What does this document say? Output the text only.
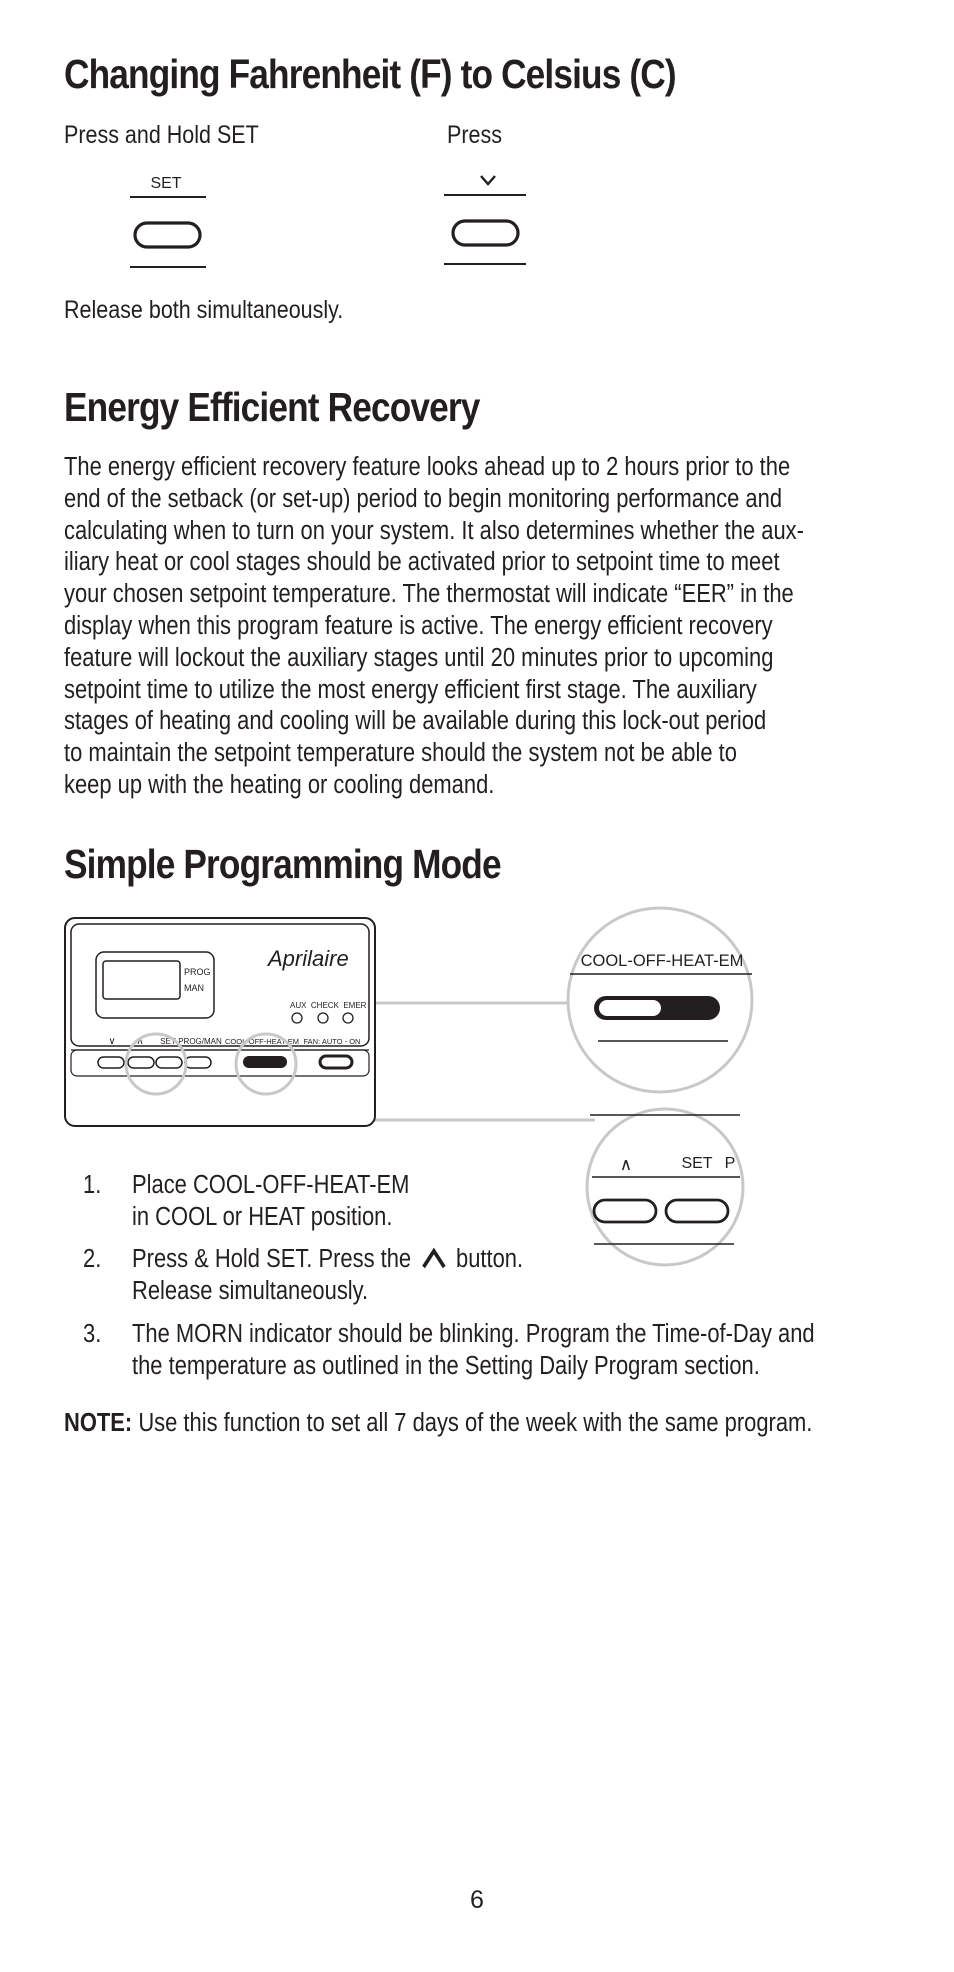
Changing Fahrenheit (F) to Celsius (C)
Press and Hold SET	Press
SET
Release both simultaneously.
Energy Efficient Recovery
The energy efficient recovery feature looks ahead up to 2 hours prior to the
end of the setback (or set-up) period to begin monitoring performance and
calculating when to turn on your system. It also determines whether the aux-
iliary heat or cool stages should be activated prior to setpoint time to meet
your chosen setpoint temperature. The thermostat will indicate “EER” in the
display when this program feature is active. The energy efficient recovery
feature will lockout the auxiliary stages until 20 minutes prior to upcoming
setpoint time to utilize the most energy efficient first stage. The auxiliary
stages of heating and cooling will be available during this lock-out period
to maintain the setpoint temperature should the system not be able to
keep up with the heating or cooling demand.
Simple Programming Mode
PROG
MAN
Aprilaire
AUX  CHECK  EMER
∨ ∧ SET PROG/MAN COOL-OFF-HEAT-EM FAN: AUTO - ON
COOL-OFF-HEAT-EM
∧	SET P
1. Place COOL-OFF-HEAT-EM
in COOL or HEAT position.
2. Press & Hold SET. Press the button.
Release simultaneously.
3. The MORN indicator should be blinking. Program the Time-of-Day and
the temperature as outlined in the Setting Daily Program section.
NOTE: Use this function to set all 7 days of the week with the same program.
6
